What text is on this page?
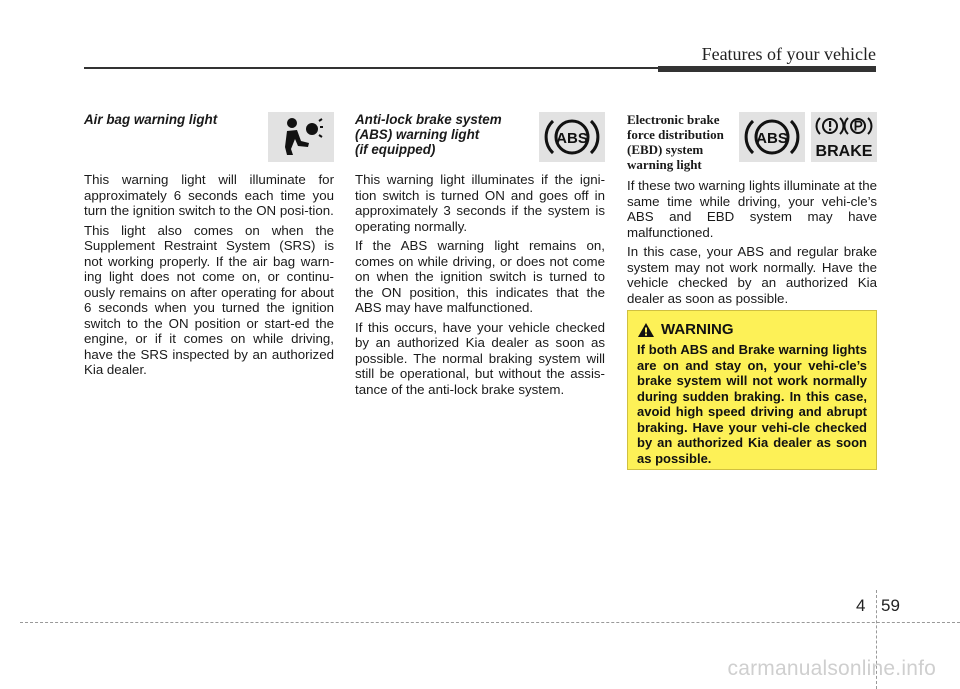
Features of your vehicle

Air bag warning light

This warning light will illuminate for approximately 6 seconds each time you turn the ignition switch to the ON posi-tion.

This light also comes on when the Supplement Restraint System (SRS) is not working properly. If the air bag warn-ing light does not come on, or continu-ously remains on after operating for about 6 seconds when you turned the ignition switch to the ON position or start-ed the engine, or if it comes on while driving, have the SRS inspected by an authorized Kia dealer.

Anti-lock brake system
(ABS) warning light
(if equipped)

ABS

This warning light illuminates if the igni-tion switch is turned ON and goes off in approximately 3 seconds if the system is operating normally.

If the ABS warning light remains on, comes on while driving, or does not come on when the ignition switch is turned to the ON position, this indicates that the ABS may have malfunctioned.

If this occurs, have your vehicle checked by an authorized Kia dealer as soon as possible. The normal braking system will still be operational, but without the assis-tance of the anti-lock brake system.

Electronic brake
force distribution
(EBD) system
warning light

ABS
BRAKE

If these two warning lights illuminate at the same time while driving, your vehi-cle’s ABS and EBD system may have malfunctioned.

In this case, your ABS and regular brake system may not work normally. Have the vehicle checked by an authorized Kia dealer as soon as possible.

WARNING

If both ABS and Brake warning lights are on and stay on, your vehi-cle’s brake system will not work normally during sudden braking. In this case, avoid high speed driving and abrupt braking. Have your vehi-cle checked by an authorized Kia dealer as soon as possible.

4 59
carmanualsonline.info
